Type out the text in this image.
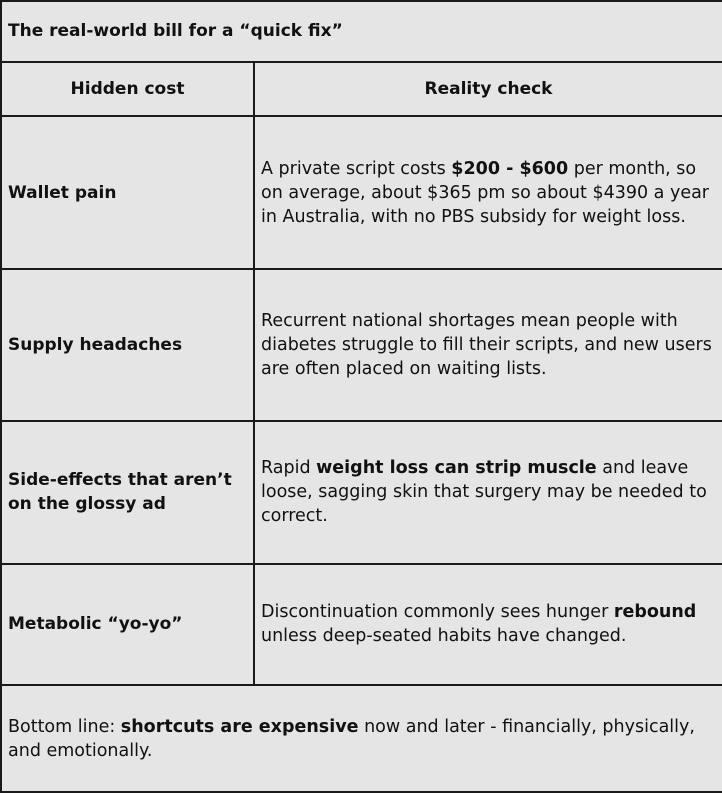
The real-world bill for a “quick fix”	
Hidden cost	Reality check
Wallet pain	A private script costs $200 - $600 per month, so on average, about $365 pm so about $4390 a year in Australia, with no PBS subsidy for weight loss.
Supply headaches	Recurrent national shortages mean people with diabetes struggle to fill their scripts, and new users are often placed on waiting lists.
Side-effects that aren’t on the glossy ad	Rapid weight loss can strip muscle and leave loose, sagging skin that surgery may be needed to correct.
Metabolic “yo-yo”	Discontinuation commonly sees hunger rebound unless deep-seated habits have changed.
Bottom line: shortcuts are expensive now and later - financially, physically, and emotionally.	
